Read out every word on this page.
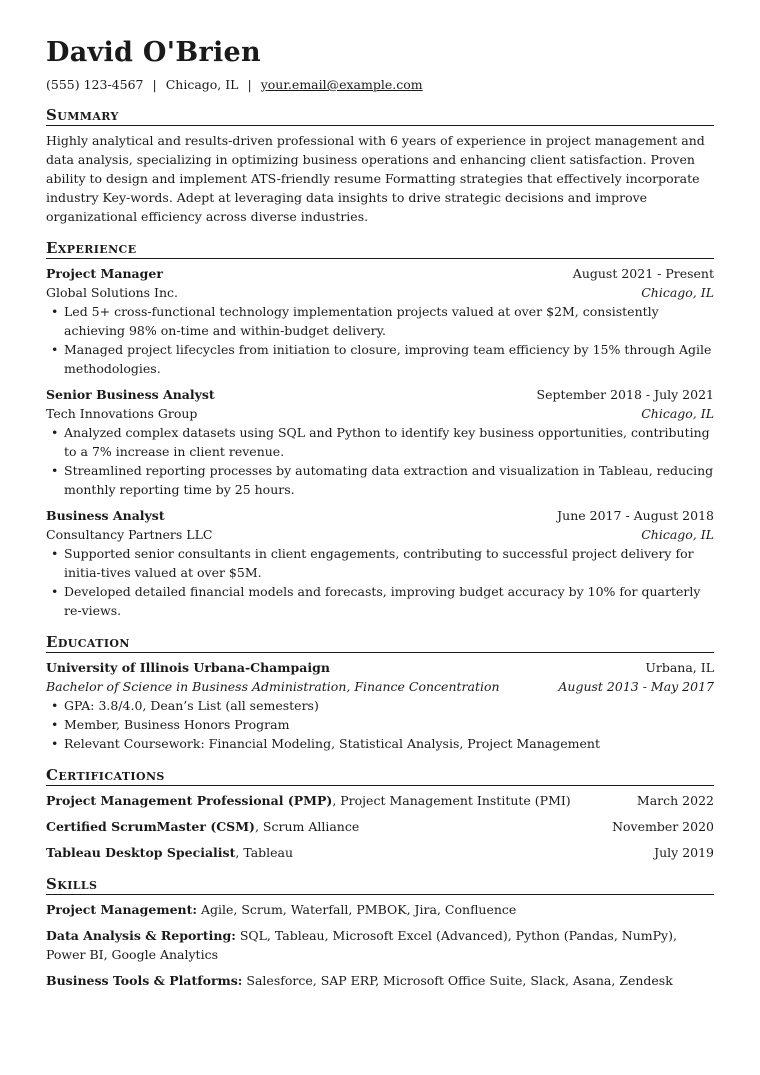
David O'Brien
(555) 123-4567 | Chicago, IL | your.email@example.com
Summary
Highly analytical and results-driven professional with 6 years of experience in project management and data analysis, specializing in optimizing business operations and enhancing client satisfaction. Proven ability to design and implement ATS-friendly resume Formatting strategies that effectively incorporate industry Key-words. Adept at leveraging data insights to drive strategic decisions and improve organizational efficiency across diverse industries.
Experience
Project Manager	August 2021 - Present
Global Solutions Inc.	Chicago, IL
• Led 5+ cross-functional technology implementation projects valued at over $2M, consistently achieving 98% on-time and within-budget delivery.
• Managed project lifecycles from initiation to closure, improving team efficiency by 15% through Agile methodologies.
Senior Business Analyst	September 2018 - July 2021
Tech Innovations Group	Chicago, IL
• Analyzed complex datasets using SQL and Python to identify key business opportunities, contributing to a 7% increase in client revenue.
• Streamlined reporting processes by automating data extraction and visualization in Tableau, reducing monthly reporting time by 25 hours.
Business Analyst	June 2017 - August 2018
Consultancy Partners LLC	Chicago, IL
• Supported senior consultants in client engagements, contributing to successful project delivery for initia-tives valued at over $5M.
• Developed detailed financial models and forecasts, improving budget accuracy by 10% for quarterly re-views.
Education
University of Illinois Urbana-Champaign	Urbana, IL
Bachelor of Science in Business Administration, Finance Concentration	August 2013 - May 2017
• GPA: 3.8/4.0, Dean’s List (all semesters)
• Member, Business Honors Program
• Relevant Coursework: Financial Modeling, Statistical Analysis, Project Management
Certifications
Project Management Professional (PMP), Project Management Institute (PMI)	March 2022
Certified ScrumMaster (CSM), Scrum Alliance	November 2020
Tableau Desktop Specialist, Tableau	July 2019
Skills
Project Management: Agile, Scrum, Waterfall, PMBOK, Jira, Confluence
Data Analysis & Reporting: SQL, Tableau, Microsoft Excel (Advanced), Python (Pandas, NumPy), Power BI, Google Analytics
Business Tools & Platforms: Salesforce, SAP ERP, Microsoft Office Suite, Slack, Asana, Zendesk
